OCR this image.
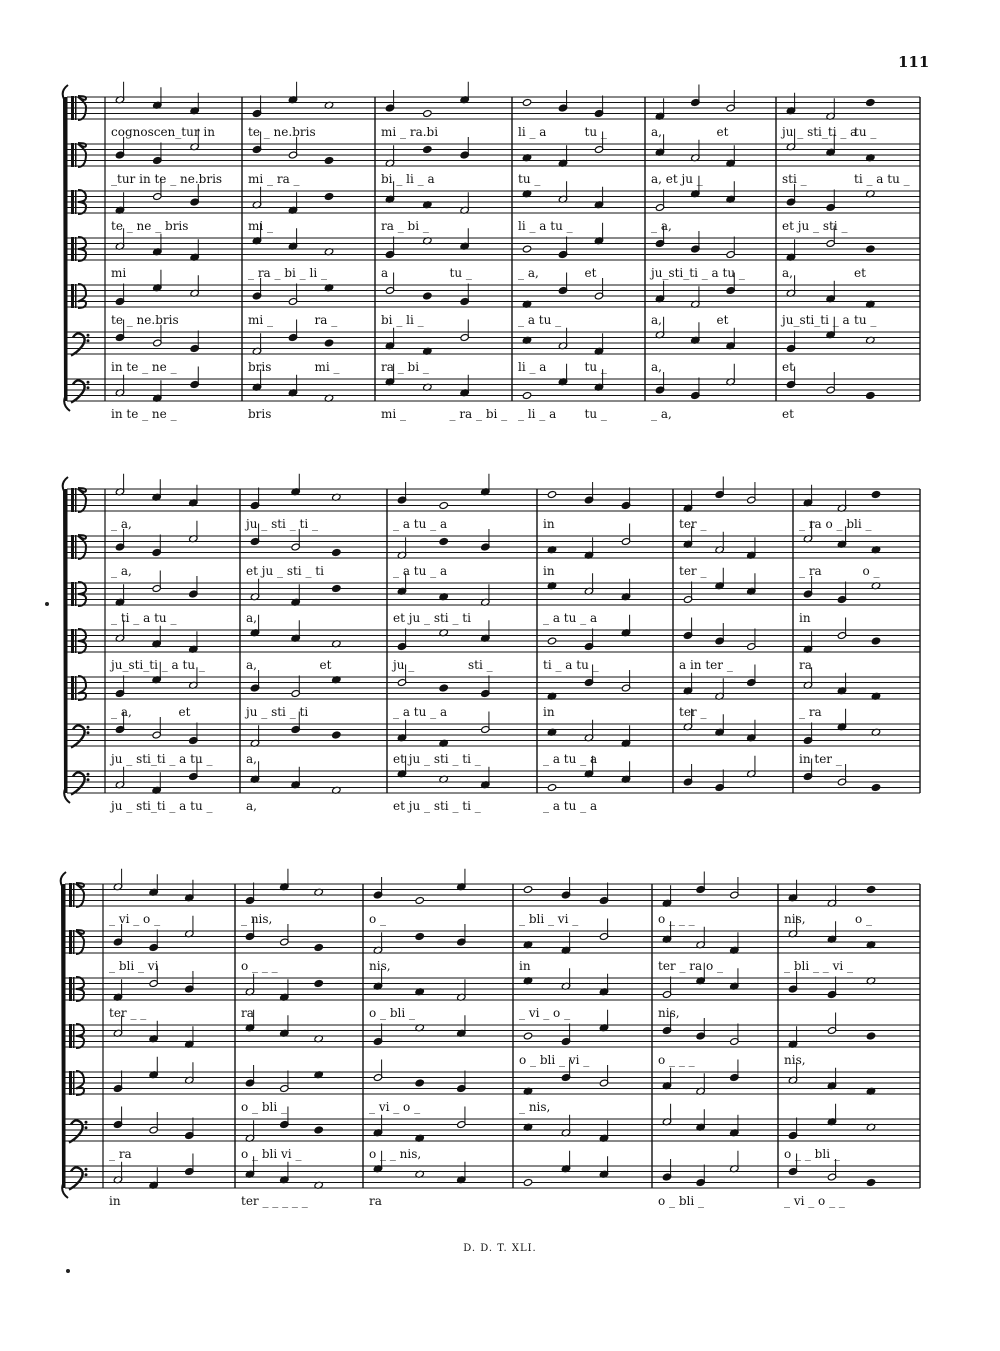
111
cognoscen_tur in	te _ ne.bris	mi _ ra.bi	li _ a	tu _	a,	et	ju _ sti_ti _ a
tu _
_tur in te _ ne.bris mi _ ra _	bi _ li _ a	tu _	a, et ju _	sti _	ti _ a tu _
te _ ne _ bris	mi _	ra _ bi _	li _ a tu _	_ a,	et ju _ sti _
mi	_ ra _ bi _ li _	a	tu _	_ a,	et	ju_sti_ti _ a tu _	a,	et
te _ ne.bris	mi _	ra _	bi _ li _	_ a tu _	a,	et	ju_sti_ti _ a tu _
in te _ ne _	bris	mi _	ra _ bi _	li _ a	tu _	a,	et
in te _ ne _	bris	mi _	_ ra _ bi _ _ li _ a tu _	_ a,	et
_ a,	ju _ sti _ ti _	_ a tu _ a	in	ter _	_ ra o _ bli _
_ a,	et ju _ sti _ ti	_ a tu _ a	in	ter _	_ ra	o _
_ ti _ a tu _	a,	et ju _ sti _ ti	_ a tu _ a	in
ju_sti_ti _ a tu _	a,	et	ju _	sti _	ti _ a tu _	a in ter _	ra
_ a,	et	ju _ sti _ ti	_ a tu _ a	in	ter _	_ ra
ju _ sti_ti _ a tu _	a,	et ju _ sti _ ti _	_ a tu _ a	in ter _
ju _ sti_ti _ a tu _	a,	et ju _ sti _ ti _	_ a tu _ a
_ vi _ o _	_ nis,	o _	_ bli _ vi _	o _ _ _	nis,	o _
_ bli _ vi	o _ _ _	nis,	in	ter _ ra o _	_ bli _ _ vi _
ter _ _	ra	o _ bli _	_ vi _ o _	nis,
o _ bli _ vi _	o _ _ _	nis,
o _ bli _	_ vi _ o _	_ nis,
_ ra	o _ bli vi _	o _ _ nis,	o _ _ bli _
in	ter _ _ _ _ _	ra	o _ bli _	_ vi _ o _ _
D. D. T. XLI.
